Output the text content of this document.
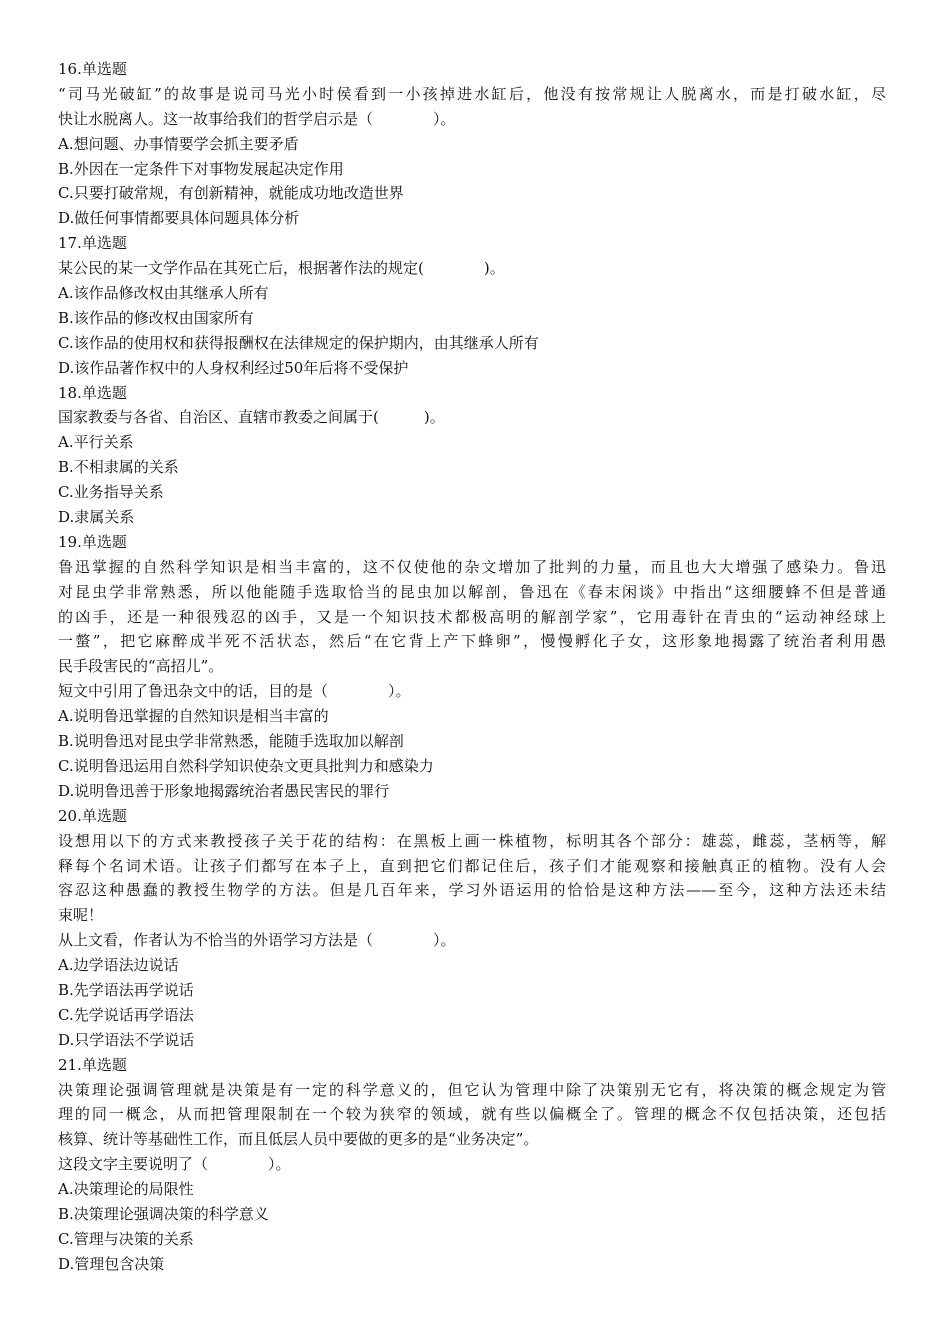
16.单选题
“司马光破缸”的故事是说司马光小时侯看到一小孩掉进水缸后，他没有按常规让人脱离水，而是打破水缸，尽
快让水脱离人。这一故事给我们的哲学启示是（　　　　）。
A.想问题、办事情要学会抓主要矛盾
B.外因在一定条件下对事物发展起决定作用
C.只要打破常规，有创新精神，就能成功地改造世界
D.做任何事情都要具体问题具体分析
17.单选题
某公民的某一文学作品在其死亡后，根据著作法的规定(　　　　)。
A.该作品修改权由其继承人所有
B.该作品的修改权由国家所有
C.该作品的使用权和获得报酬权在法律规定的保护期内，由其继承人所有
D.该作品著作权中的人身权利经过50年后将不受保护
18.单选题
国家教委与各省、自治区、直辖市教委之间属于(　　　)。
A.平行关系
B.不相隶属的关系
C.业务指导关系
D.隶属关系
19.单选题
鲁迅掌握的自然科学知识是相当丰富的，这不仅使他的杂文增加了批判的力量，而且也大大增强了感染力。鲁迅
对昆虫学非常熟悉，所以他能随手选取恰当的昆虫加以解剖，鲁迅在《春末闲谈》中指出“这细腰蜂不但是普通
的凶手，还是一种很残忍的凶手，又是一个知识技术都极高明的解剖学家”，它用毒针在青虫的“运动神经球上
一螫”，把它麻醉成半死不活状态，然后“在它背上产下蜂卵”，慢慢孵化子女，这形象地揭露了统治者利用愚
民手段害民的“高招儿”。
短文中引用了鲁迅杂文中的话，目的是（　　　　）。
A.说明鲁迅掌握的自然知识是相当丰富的
B.说明鲁迅对昆虫学非常熟悉，能随手选取加以解剖
C.说明鲁迅运用自然科学知识使杂文更具批判力和感染力
D.说明鲁迅善于形象地揭露统治者愚民害民的罪行
20.单选题
设想用以下的方式来教授孩子关于花的结构：在黑板上画一株植物，标明其各个部分：雄蕊，雌蕊，茎柄等，解
释每个名词术语。让孩子们都写在本子上，直到把它们都记住后，孩子们才能观察和接触真正的植物。没有人会
容忍这种愚蠢的教授生物学的方法。但是几百年来，学习外语运用的恰恰是这种方法——至今，这种方法还未结
束呢！
从上文看，作者认为不恰当的外语学习方法是（　　　　）。
A.边学语法边说话
B.先学语法再学说话
C.先学说话再学语法
D.只学语法不学说话
21.单选题
决策理论强调管理就是决策是有一定的科学意义的，但它认为管理中除了决策别无它有，将决策的概念规定为管
理的同一概念，从而把管理限制在一个较为狭窄的领域，就有些以偏概全了。管理的概念不仅包括决策，还包括
核算、统计等基础性工作，而且低层人员中要做的更多的是“业务决定”。
这段文字主要说明了（　　　　）。
A.决策理论的局限性
B.决策理论强调决策的科学意义
C.管理与决策的关系
D.管理包含决策
